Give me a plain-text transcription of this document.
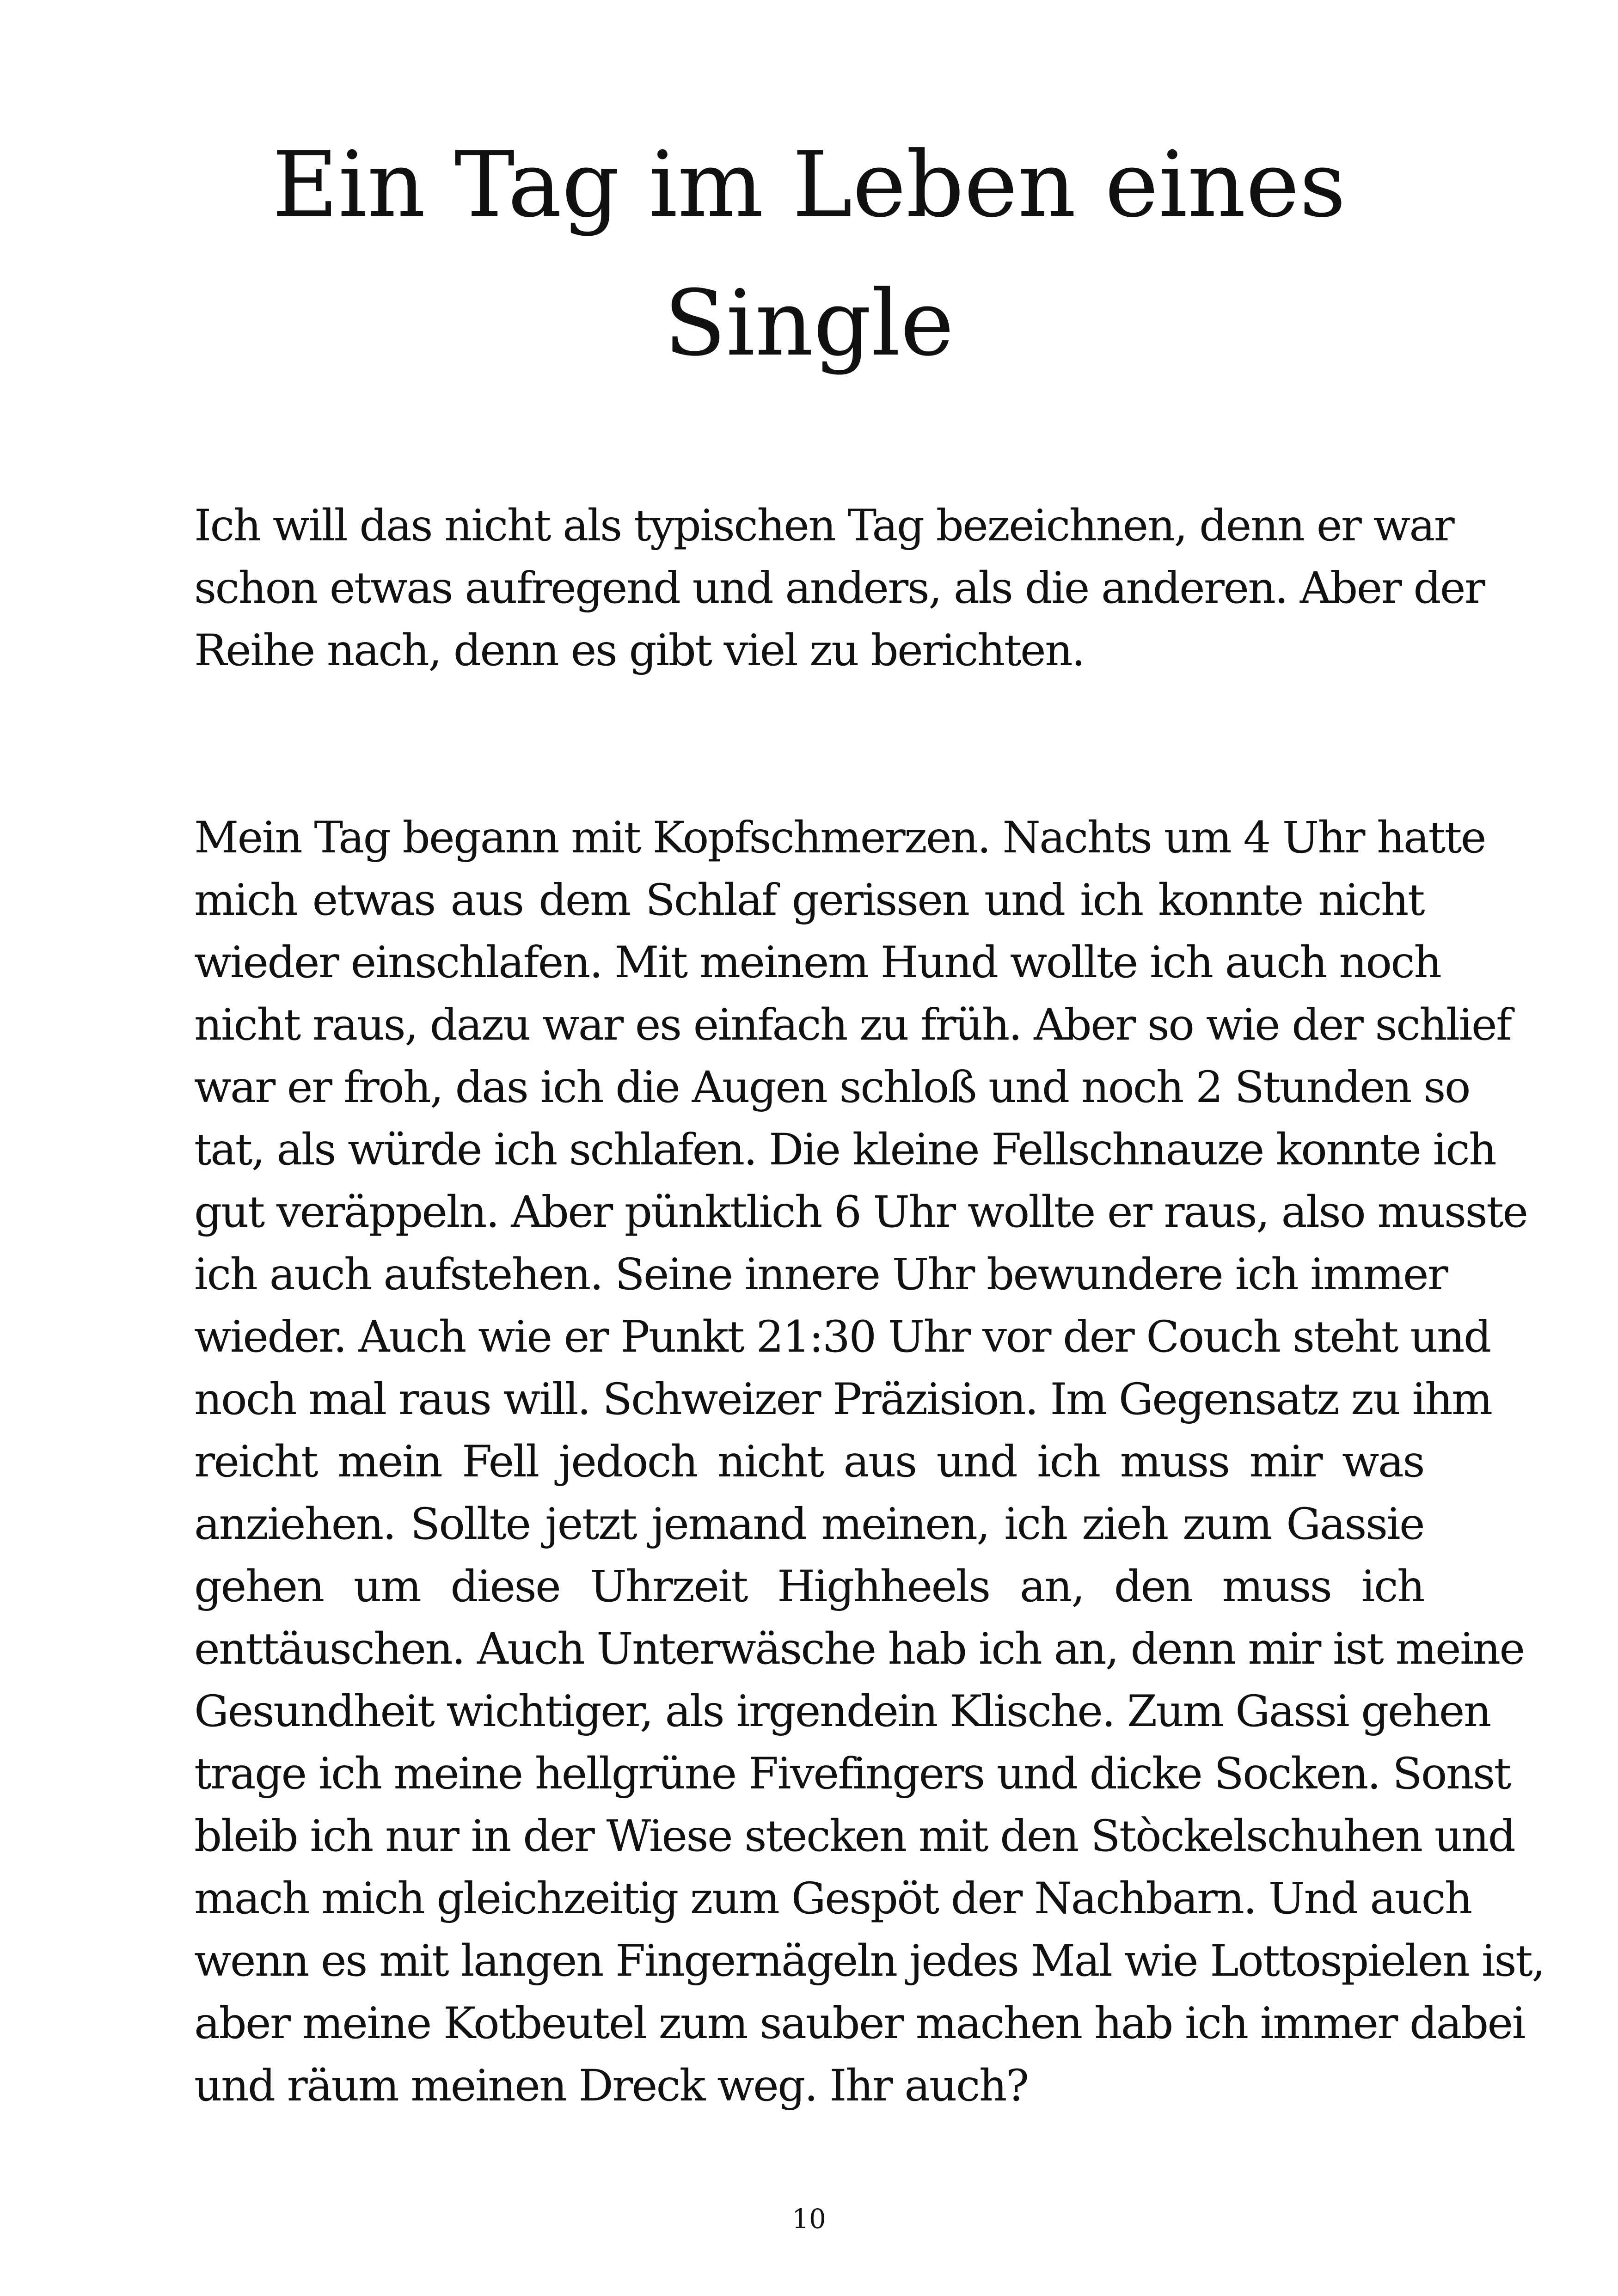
Ein Tag im Leben eines
Single

Ich will das nicht als typischen Tag bezeichnen, denn er war
schon etwas aufregend und anders, als die anderen. Aber der
Reihe nach, denn es gibt viel zu berichten.

Mein Tag begann mit Kopfschmerzen. Nachts um 4 Uhr hatte
mich etwas aus dem Schlaf gerissen und ich konnte nicht
wieder einschlafen. Mit meinem Hund wollte ich auch noch
nicht raus, dazu war es einfach zu früh. Aber so wie der schlief
war er froh, das ich die Augen schloß und noch 2 Stunden so
tat, als würde ich schlafen. Die kleine Fellschnauze konnte ich
gut veräppeln. Aber pünktlich 6 Uhr wollte er raus, also musste
ich auch aufstehen. Seine innere Uhr bewundere ich immer
wieder. Auch wie er Punkt 21:30 Uhr vor der Couch steht und
noch mal raus will. Schweizer Präzision. Im Gegensatz zu ihm
reicht mein Fell jedoch nicht aus und ich muss mir was
anziehen. Sollte jetzt jemand meinen, ich zieh zum Gassie
gehen um diese Uhrzeit Highheels an, den muss ich
enttäuschen. Auch Unterwäsche hab ich an, denn mir ist meine
Gesundheit wichtiger, als irgendein Klische. Zum Gassi gehen
trage ich meine hellgrüne Fivefingers und dicke Socken. Sonst
bleib ich nur in der Wiese stecken mit den Stòckelschuhen und
mach mich gleichzeitig zum Gespöt der Nachbarn. Und auch
wenn es mit langen Fingernägeln jedes Mal wie Lottospielen ist,
aber meine Kotbeutel zum sauber machen hab ich immer dabei
und räum meinen Dreck weg. Ihr auch?

10
